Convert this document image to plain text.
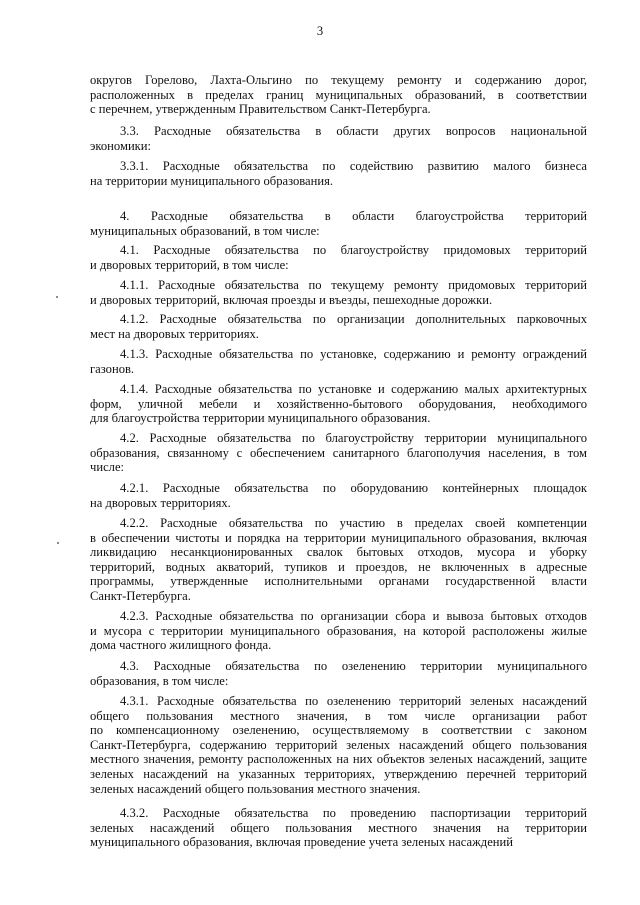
3
округов Горелово, Лахта-Ольгино по текущему ремонту и содержанию дорог,
расположенных в пределах границ муниципальных образований, в соответствии
с перечнем, утвержденным Правительством Санкт-Петербурга.
3.3. Расходные обязательства в области других вопросов национальной
экономики:
3.3.1. Расходные обязательства по содействию развитию малого бизнеса
на территории муниципального образования.
4. Расходные обязательства в области благоустройства территорий
муниципальных образований, в том числе:
4.1. Расходные обязательства по благоустройству придомовых территорий
и дворовых территорий, в том числе:
4.1.1. Расходные обязательства по текущему ремонту придомовых территорий
и дворовых территорий, включая проезды и въезды, пешеходные дорожки.
4.1.2. Расходные обязательства по организации дополнительных парковочных
мест на дворовых территориях.
4.1.3. Расходные обязательства по установке, содержанию и ремонту ограждений
газонов.
4.1.4. Расходные обязательства по установке и содержанию малых архитектурных
форм, уличной мебели и хозяйственно-бытового оборудования, необходимого
для благоустройства территории муниципального образования.
4.2. Расходные обязательства по благоустройству территории муниципального
образования, связанному с обеспечением санитарного благополучия населения, в том
числе:
4.2.1. Расходные обязательства по оборудованию контейнерных площадок
на дворовых территориях.
4.2.2. Расходные обязательства по участию в пределах своей компетенции
в обеспечении чистоты и порядка на территории муниципального образования, включая
ликвидацию несанкционированных свалок бытовых отходов, мусора и уборку
территорий, водных акваторий, тупиков и проездов, не включенных в адресные
программы, утвержденные исполнительными органами государственной власти
Санкт-Петербурга.
4.2.3. Расходные обязательства по организации сбора и вывоза бытовых отходов
и мусора с территории муниципального образования, на которой расположены жилые
дома частного жилищного фонда.
4.3. Расходные обязательства по озеленению территории муниципального
образования, в том числе:
4.3.1. Расходные обязательства по озеленению территорий зеленых насаждений
общего пользования местного значения, в том числе организации работ
по компенсационному озеленению, осуществляемому в соответствии с законом
Санкт-Петербурга, содержанию территорий зеленых насаждений общего пользования
местного значения, ремонту расположенных на них объектов зеленых насаждений, защите
зеленых насаждений на указанных территориях, утверждению перечней территорий
зеленых насаждений общего пользования местного значения.
4.3.2. Расходные обязательства по проведению паспортизации территорий
зеленых насаждений общего пользования местного значения на территории
муниципального образования, включая проведение учета зеленых насаждений
